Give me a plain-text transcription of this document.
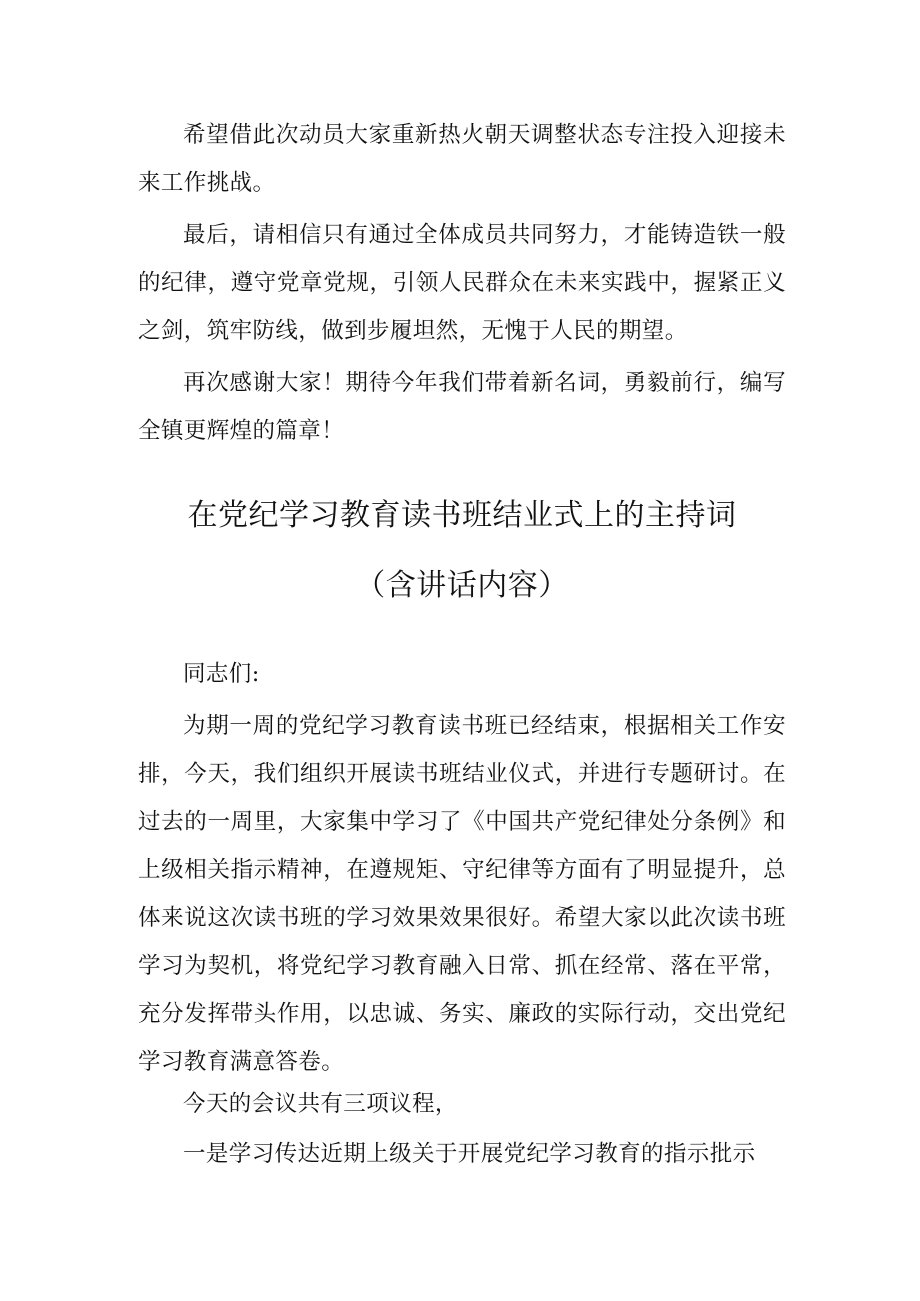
希望借此次动员大家重新热火朝天调整状态专注投入迎接未来工作挑战。

最后，请相信只有通过全体成员共同努力，才能铸造铁一般的纪律，遵守党章党规，引领人民群众在未来实践中，握紧正义之剑，筑牢防线，做到步履坦然，无愧于人民的期望。

再次感谢大家！期待今年我们带着新名词，勇毅前行，编写全镇更辉煌的篇章！

在党纪学习教育读书班结业式上的主持词
（含讲话内容）

同志们:

为期一周的党纪学习教育读书班已经结束，根据相关工作安排，今天，我们组织开展读书班结业仪式，并进行专题研讨。在过去的一周里，大家集中学习了《中国共产党纪律处分条例》和上级相关指示精神，在遵规矩、守纪律等方面有了明显提升，总体来说这次读书班的学习效果效果很好。希望大家以此次读书班学习为契机，将党纪学习教育融入日常、抓在经常、落在平常，充分发挥带头作用，以忠诚、务实、廉政的实际行动，交出党纪学习教育满意答卷。

今天的会议共有三项议程，

一是学习传达近期上级关于开展党纪学习教育的指示批示
